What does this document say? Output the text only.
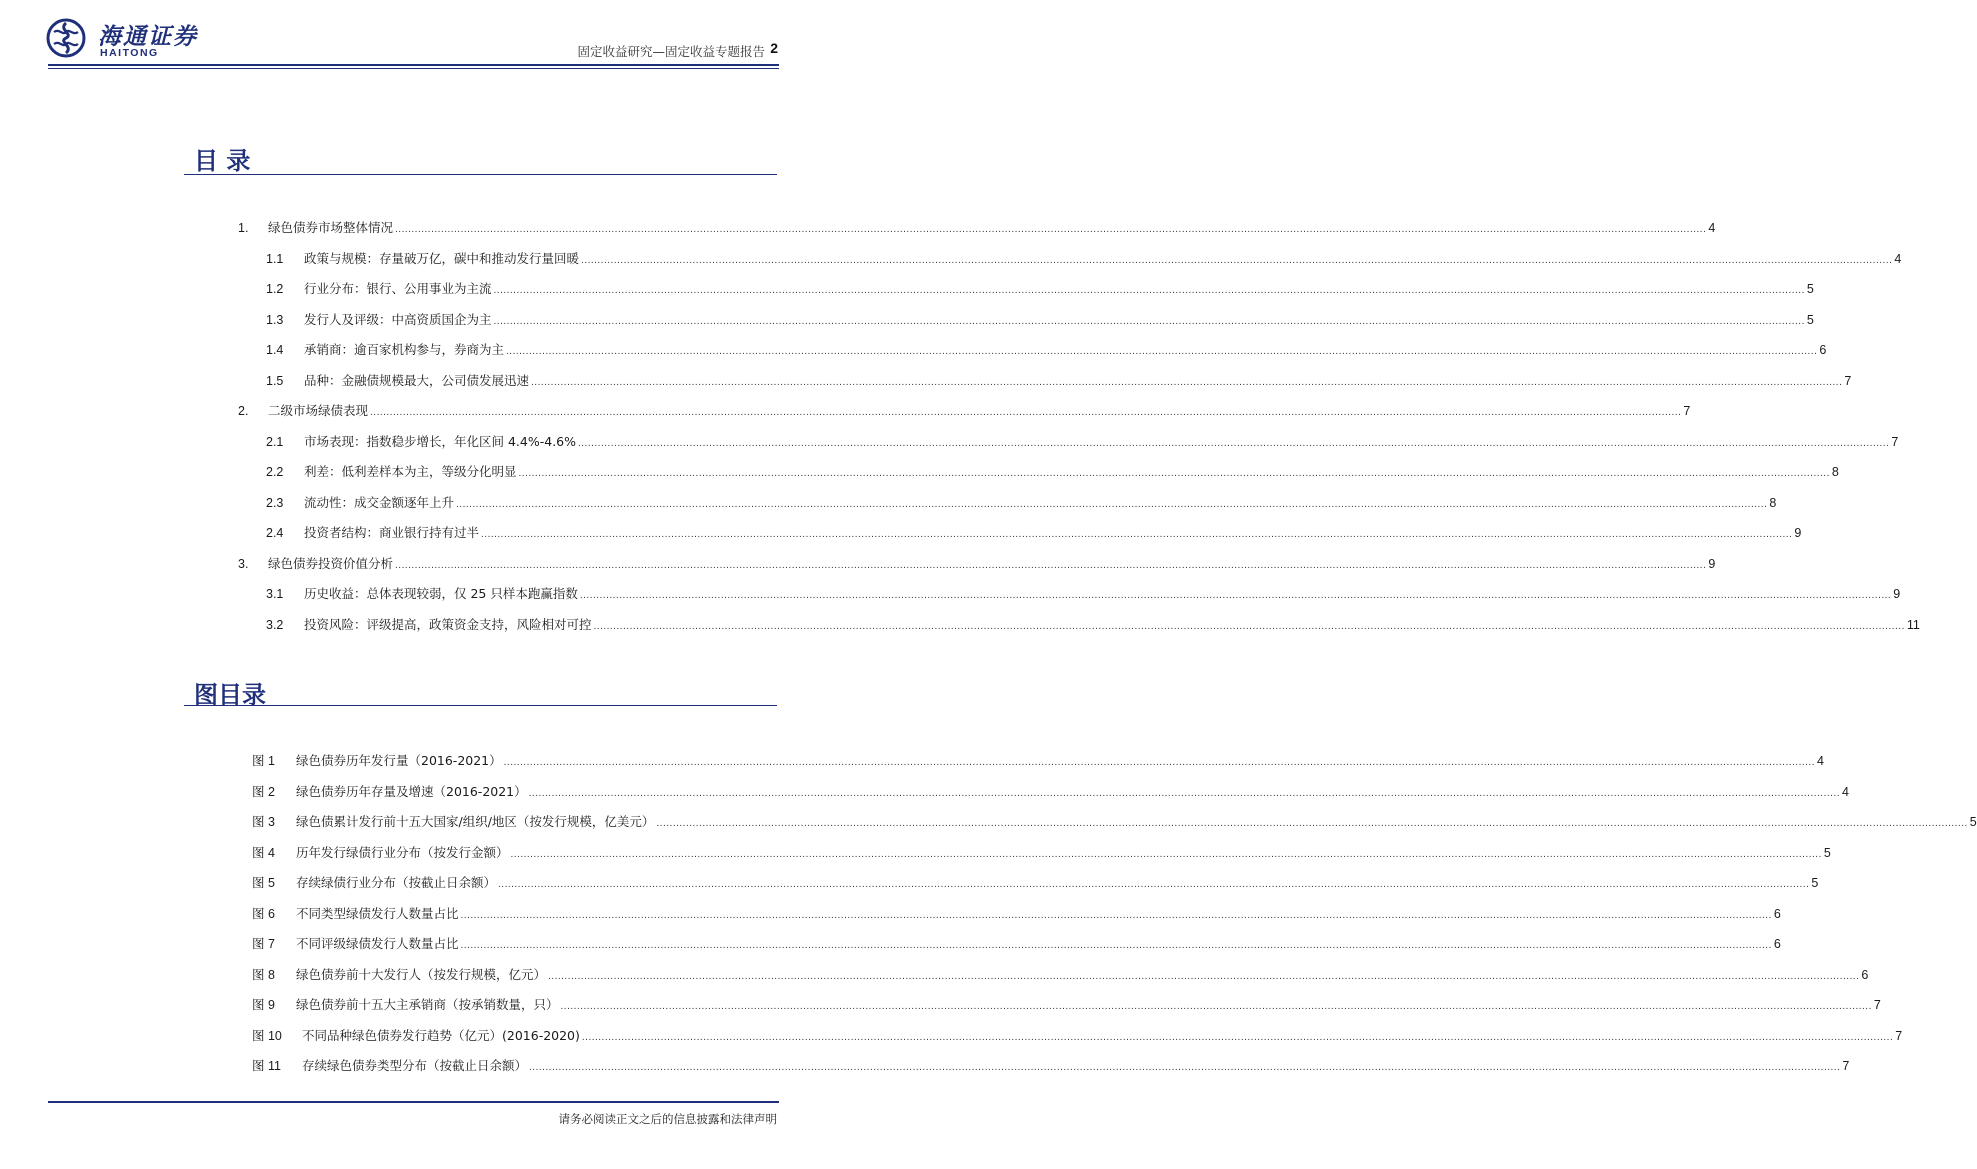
海通证券
HAITONG	固定收益研究—固定收益专题报告 2
目 录
1.	绿色债券市场整体情况 ................................................................................................................................................................................................................................................................................................................................................................................................................ 4
1.1	政策与规模：存量破万亿，碳中和推动发行量回暖 ................................................................................................................................................................................................................................................................................................................................................................................................................ 4
1.2	行业分布：银行、公用事业为主流 ................................................................................................................................................................................................................................................................................................................................................................................................................ 5
1.3	发行人及评级：中高资质国企为主 ................................................................................................................................................................................................................................................................................................................................................................................................................ 5
1.4	承销商：逾百家机构参与，券商为主 ................................................................................................................................................................................................................................................................................................................................................................................................................ 6
1.5	品种：金融债规模最大，公司债发展迅速 ................................................................................................................................................................................................................................................................................................................................................................................................................ 7
2.	二级市场绿债表现 ................................................................................................................................................................................................................................................................................................................................................................................................................ 7
2.1	市场表现：指数稳步增长，年化区间 4.4%-4.6% ................................................................................................................................................................................................................................................................................................................................................................................................................ 7
2.2	利差：低利差样本为主，等级分化明显 ................................................................................................................................................................................................................................................................................................................................................................................................................ 8
2.3	流动性：成交金额逐年上升 ................................................................................................................................................................................................................................................................................................................................................................................................................ 8
2.4	投资者结构：商业银行持有过半 ................................................................................................................................................................................................................................................................................................................................................................................................................ 9
3.	绿色债券投资价值分析 ................................................................................................................................................................................................................................................................................................................................................................................................................ 9
3.1	历史收益：总体表现较弱，仅 25 只样本跑赢指数 ................................................................................................................................................................................................................................................................................................................................................................................................................ 9
3.2	投资风险：评级提高，政策资金支持，风险相对可控 ................................................................................................................................................................................................................................................................................................................................................................................................................ 11
图目录
图 1	绿色债券历年发行量（2016-2021） ................................................................................................................................................................................................................................................................................................................................................................................................................ 4
图 2	绿色债券历年存量及增速（2016-2021） ................................................................................................................................................................................................................................................................................................................................................................................................................ 4
图 3	绿色债累计发行前十五大国家/组织/地区（按发行规模，亿美元） ................................................................................................................................................................................................................................................................................................................................................................................................................ 5
图 4	历年发行绿债行业分布（按发行金额） ................................................................................................................................................................................................................................................................................................................................................................................................................ 5
图 5	存续绿债行业分布（按截止日余额） ................................................................................................................................................................................................................................................................................................................................................................................................................ 5
图 6	不同类型绿债发行人数量占比 ................................................................................................................................................................................................................................................................................................................................................................................................................ 6
图 7	不同评级绿债发行人数量占比 ................................................................................................................................................................................................................................................................................................................................................................................................................ 6
图 8	绿色债券前十大发行人（按发行规模，亿元） ................................................................................................................................................................................................................................................................................................................................................................................................................ 6
图 9	绿色债券前十五大主承销商（按承销数量，只） ................................................................................................................................................................................................................................................................................................................................................................................................................ 7
图 10	不同品种绿色债券发行趋势（亿元）(2016-2020) ................................................................................................................................................................................................................................................................................................................................................................................................................ 7
图 11	存续绿色债券类型分布（按截止日余额） ................................................................................................................................................................................................................................................................................................................................................................................................................ 7
请务必阅读正文之后的信息披露和法律声明
